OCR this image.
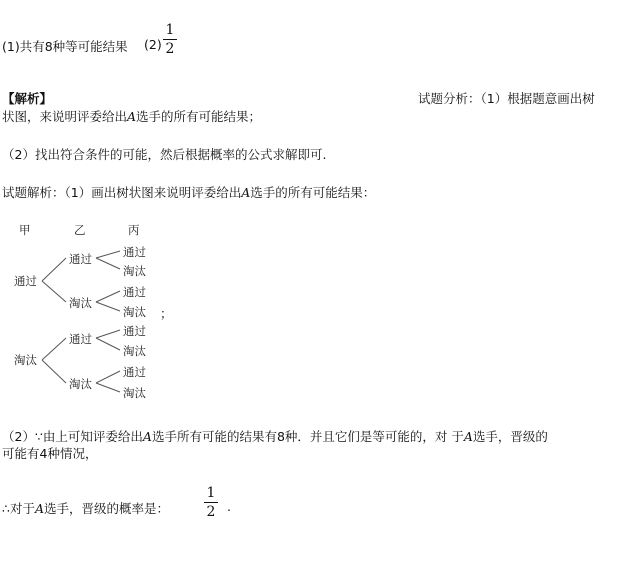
(1)共有8种等可能结果 (2)
1
2
【解析】	试题分析：（1）根据题意画出树
状图，来说明评委给出A选手的所有可能结果；
（2）找出符合条件的可能，然后根据概率的公式求解即可.
试题解析：（1）画出树状图来说明评委给出A选手的所有可能结果：
甲	乙	丙
通过
淘汰
通过
淘汰
通过
淘汰
通过
淘汰
通过
淘汰
通过
淘汰
通过
淘汰
；
（2）∵由上可知评委给出A选手所有可能的结果有8种．并且它们是等可能的，对 于A选手，晋级的
可能有4种情况，
∴对于A选手，晋级的概率是：
1
2 .
